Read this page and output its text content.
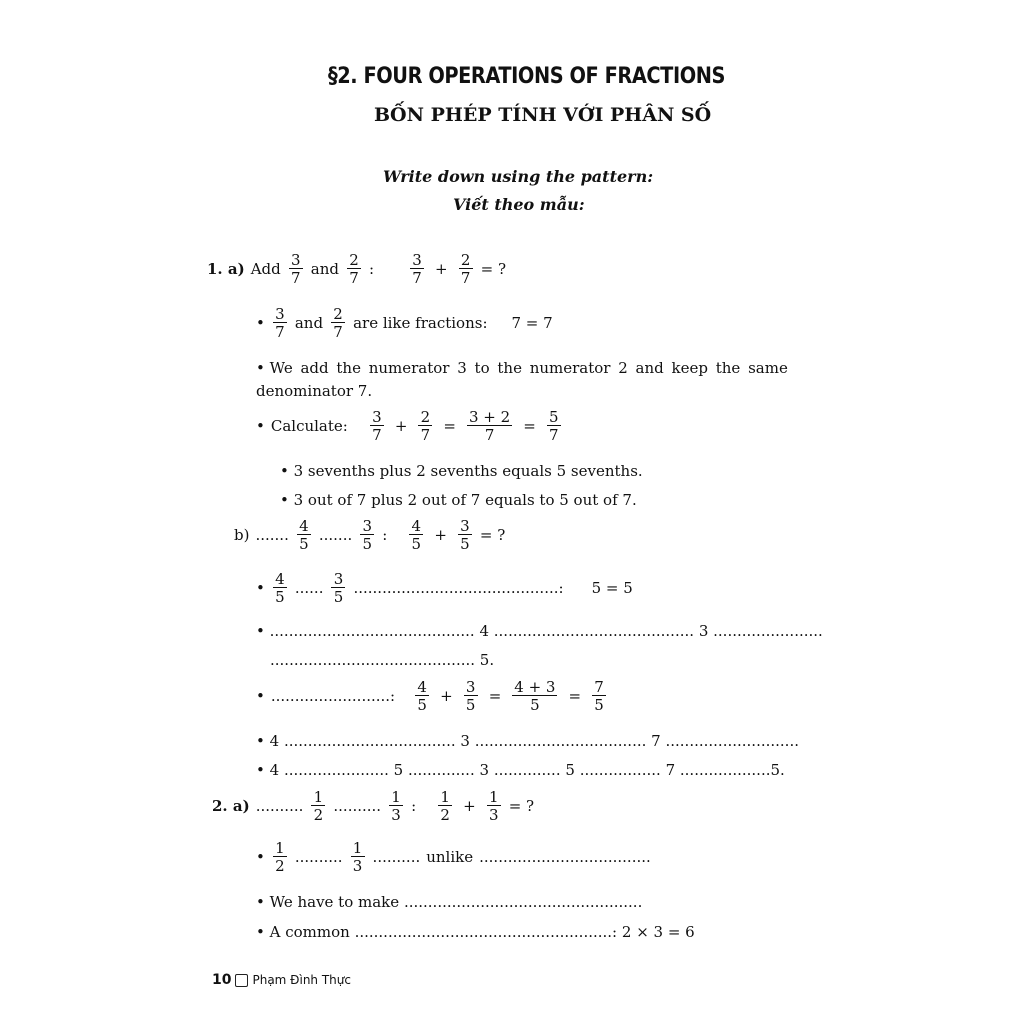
§2. FOUR OPERATIONS OF FRACTIONS
BỐN PHÉP TÍNH VỚI PHÂN SỐ
Write down using the pattern:
Viết theo mẫu:
1. a) Add 3
7 and 2
7 :	3
$7 + \frac{2}{7}$ = ?
• 3
7 and 2
7 are like fractions: 7 = 7
• We add the numerator 3 to the numerator 2 and keep the same
denominator 7.
• Calculate: 3
$7 + \frac{2}{7} = \frac{3 + 2}{7} = \frac{5}{7}$
• 3 sevenths plus 2 sevenths equals 5 sevenths.
• 3 out of 7 plus 2 out of 7 equals to 5 out of 7.
b) ....... 4
5 ....... 3
5 : 4
$5 + \frac{3}{5}$ = ?
• 4
5 ...... 3
5 ...........................................: 5 = 5
• ........................................... 4 .......................................... 3 .......................
........................................... 5.
• .........................: 4
$5 + \frac{3}{5} = \frac{4 + 3}{5} = \frac{7}{5}$
• 4 .................................... 3 .................................... 7 ............................
• 4 ...................... 5 .............. 3 .............. 5 ................. 7 ...................5.
2. a) .......... 1
2 .......... 1
3 : 1
$2 + \frac{1}{3}$ = ?
• 1
2 .......... 1
3 .......... unlike ....................................
• We have to make ..................................................
• A common ......................................................: 2 × 3 = 6
10 Phạm Đình Thực
